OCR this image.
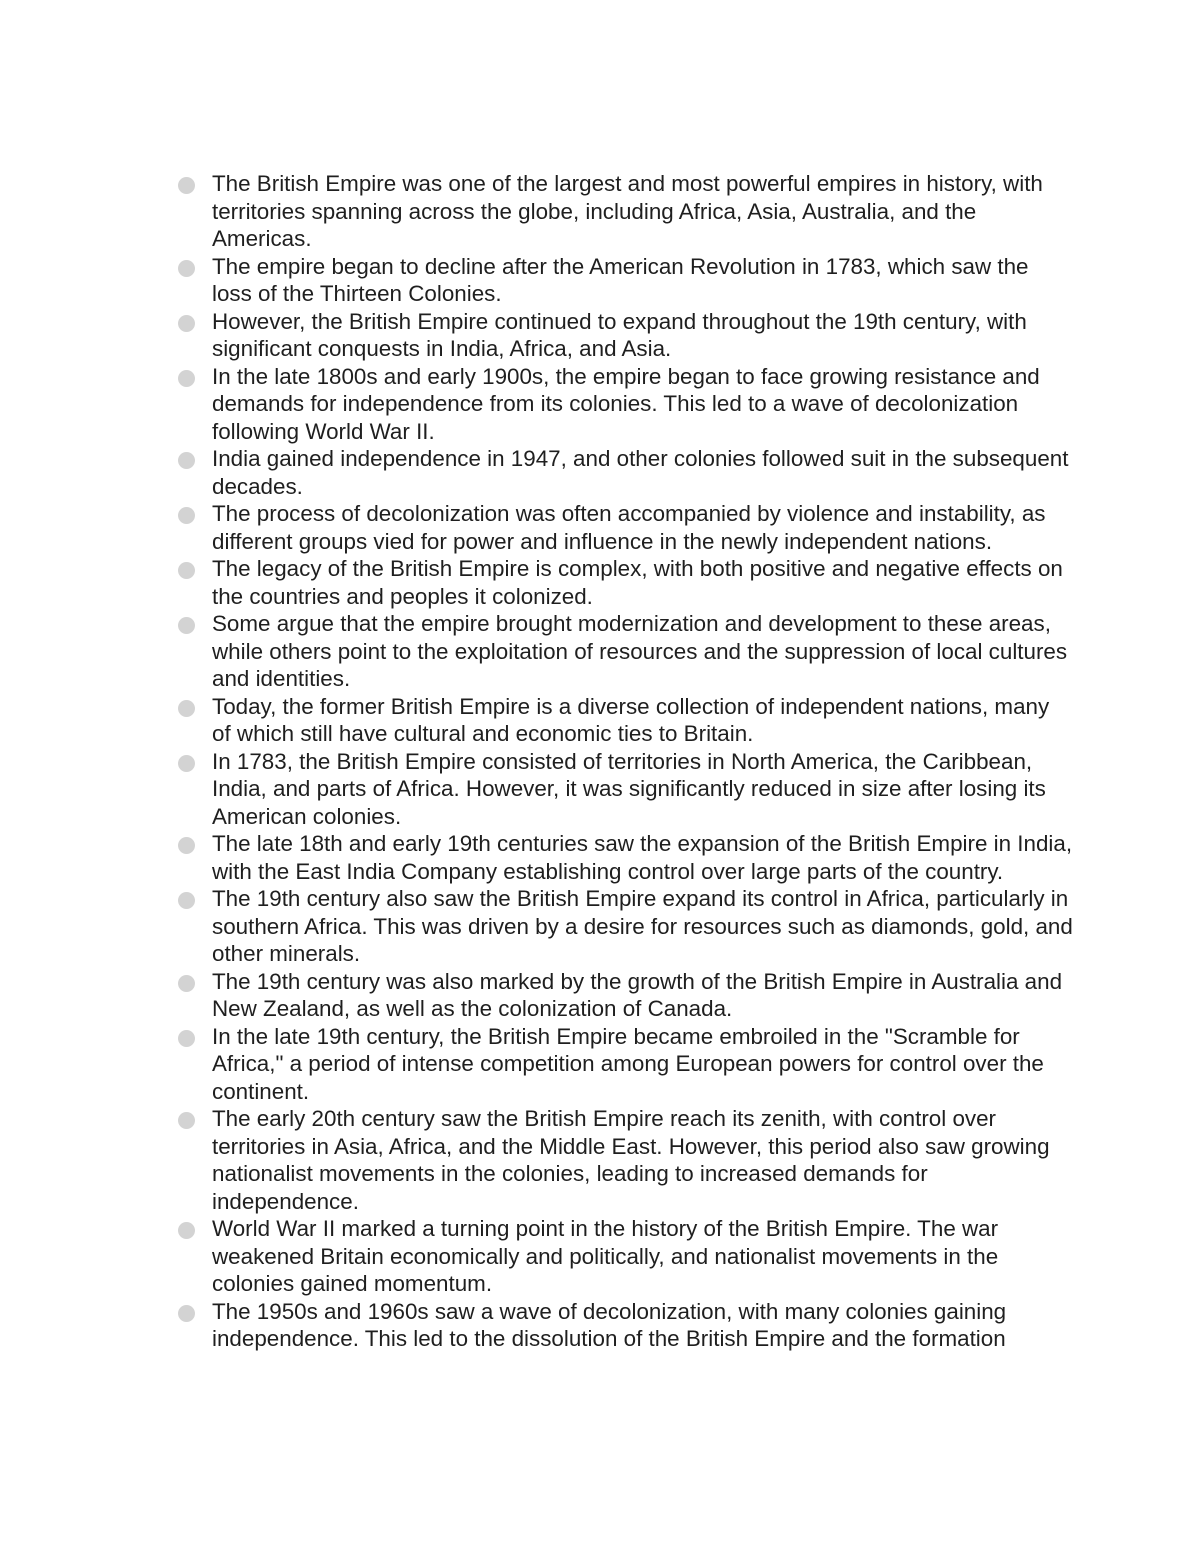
The British Empire was one of the largest and most powerful empires in history, with territories spanning across the globe, including Africa, Asia, Australia, and the Americas.
The empire began to decline after the American Revolution in 1783, which saw the loss of the Thirteen Colonies.
However, the British Empire continued to expand throughout the 19th century, with significant conquests in India, Africa, and Asia.
In the late 1800s and early 1900s, the empire began to face growing resistance and demands for independence from its colonies. This led to a wave of decolonization following World War II.
India gained independence in 1947, and other colonies followed suit in the subsequent decades.
The process of decolonization was often accompanied by violence and instability, as different groups vied for power and influence in the newly independent nations.
The legacy of the British Empire is complex, with both positive and negative effects on the countries and peoples it colonized.
Some argue that the empire brought modernization and development to these areas, while others point to the exploitation of resources and the suppression of local cultures and identities.
Today, the former British Empire is a diverse collection of independent nations, many of which still have cultural and economic ties to Britain.
In 1783, the British Empire consisted of territories in North America, the Caribbean, India, and parts of Africa. However, it was significantly reduced in size after losing its American colonies.
The late 18th and early 19th centuries saw the expansion of the British Empire in India, with the East India Company establishing control over large parts of the country.
The 19th century also saw the British Empire expand its control in Africa, particularly in southern Africa. This was driven by a desire for resources such as diamonds, gold, and other minerals.
The 19th century was also marked by the growth of the British Empire in Australia and New Zealand, as well as the colonization of Canada.
In the late 19th century, the British Empire became embroiled in the "Scramble for Africa," a period of intense competition among European powers for control over the continent.
The early 20th century saw the British Empire reach its zenith, with control over territories in Asia, Africa, and the Middle East. However, this period also saw growing nationalist movements in the colonies, leading to increased demands for independence.
World War II marked a turning point in the history of the British Empire. The war weakened Britain economically and politically, and nationalist movements in the colonies gained momentum.
The 1950s and 1960s saw a wave of decolonization, with many colonies gaining independence. This led to the dissolution of the British Empire and the formation
